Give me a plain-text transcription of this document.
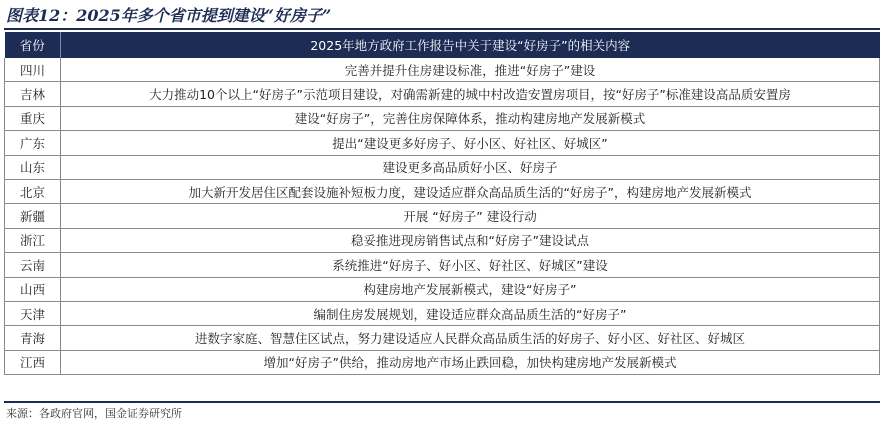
图表12：2025年多个省市提到建设“好房子”
省份	2025年地方政府工作报告中关于建设“好房子”的相关内容
四川	完善并提升住房建设标准，推进“好房子”建设
吉林	大力推动10个以上“好房子”示范项目建设，对确需新建的城中村改造安置房项目，按“好房子”标准建设高品质安置房
重庆	建设“好房子”，完善住房保障体系，推动构建房地产发展新模式
广东	提出“建设更多好房子、好小区、好社区、好城区”
山东	建设更多高品质好小区、好房子
北京	加大新开发居住区配套设施补短板力度，建设适应群众高品质生活的“好房子”，构建房地产发展新模式
新疆	开展 “好房子” 建设行动
浙江	稳妥推进现房销售试点和“好房子”建设试点
云南	系统推进“好房子、好小区、好社区、好城区”建设
山西	构建房地产发展新模式，建设“好房子”
天津	编制住房发展规划，建设适应群众高品质生活的“好房子”
青海	进数字家庭、智慧住区试点，努力建设适应人民群众高品质生活的好房子、好小区、好社区、好城区
江西	增加“好房子”供给，推动房地产市场止跌回稳，加快构建房地产发展新模式
来源：各政府官网，国金证券研究所
